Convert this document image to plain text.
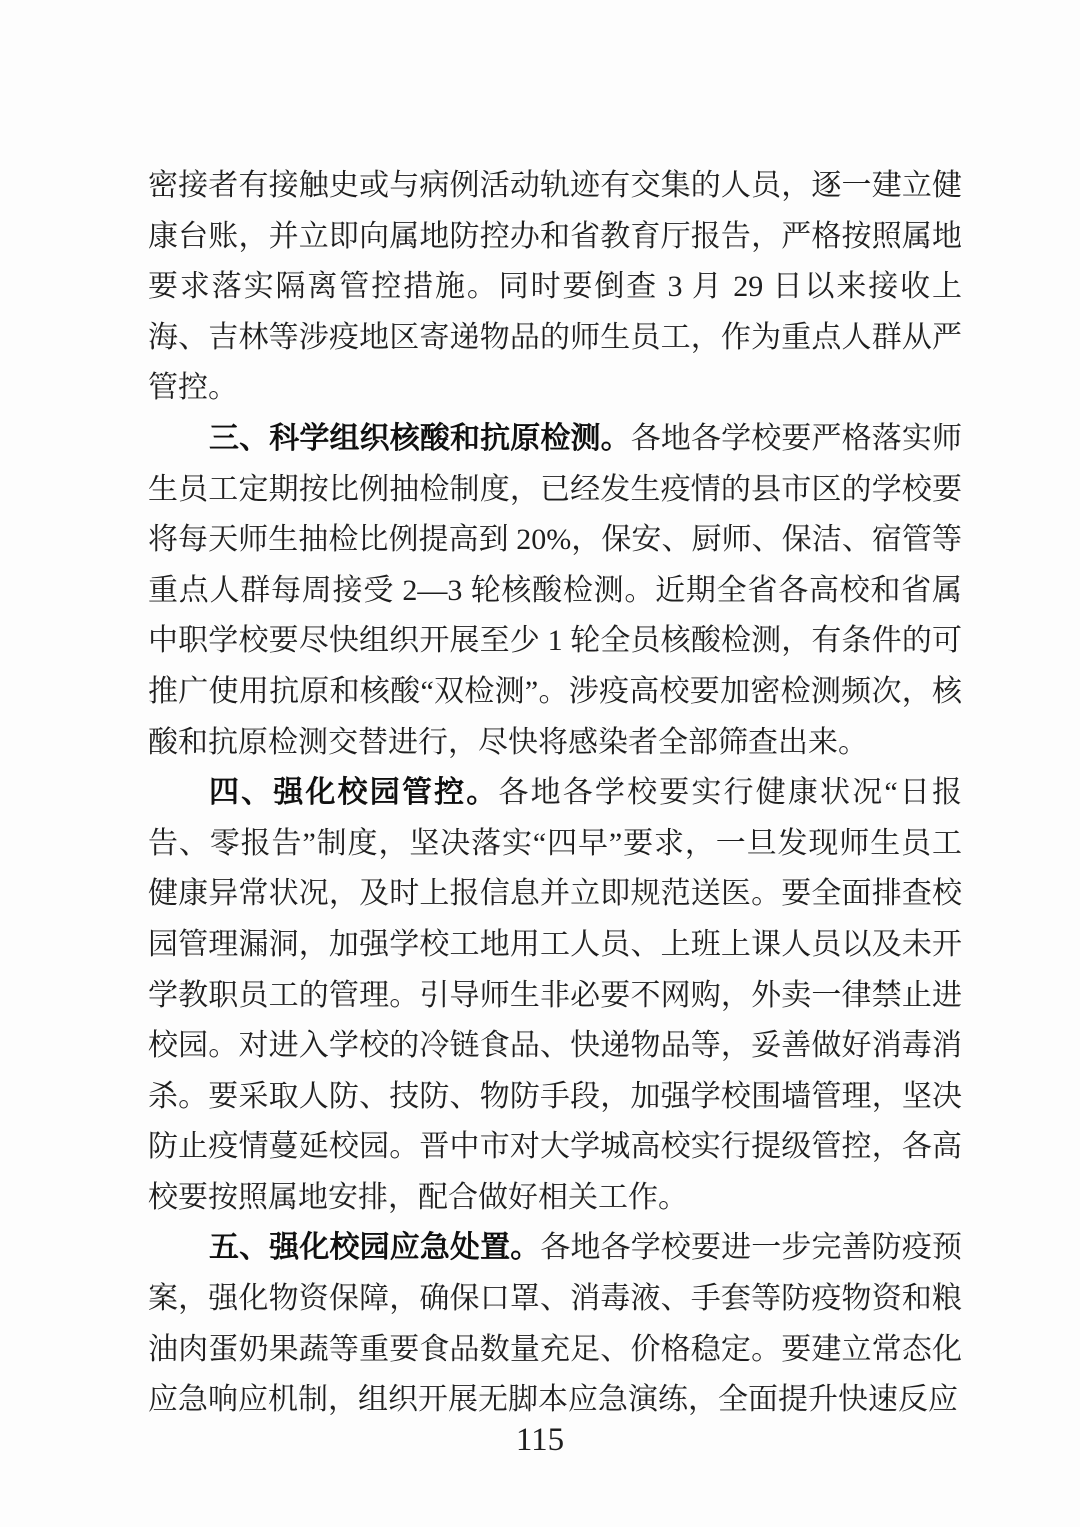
密接者有接触史或与病例活动轨迹有交集的人员，逐一建立健康台账，并立即向属地防控办和省教育厅报告，严格按照属地要求落实隔离管控措施。同时要倒查 3 月 29 日以来接收上海、吉林等涉疫地区寄递物品的师生员工，作为重点人群从严管控。

三、科学组织核酸和抗原检测。各地各学校要严格落实师生员工定期按比例抽检制度，已经发生疫情的县市区的学校要将每天师生抽检比例提高到 20%，保安、厨师、保洁、宿管等重点人群每周接受 2—3 轮核酸检测。近期全省各高校和省属中职学校要尽快组织开展至少 1 轮全员核酸检测，有条件的可推广使用抗原和核酸“双检测”。涉疫高校要加密检测频次，核酸和抗原检测交替进行，尽快将感染者全部筛查出来。

四、强化校园管控。各地各学校要实行健康状况“日报告、零报告”制度，坚决落实“四早”要求，一旦发现师生员工健康异常状况，及时上报信息并立即规范送医。要全面排查校园管理漏洞，加强学校工地用工人员、上班上课人员以及未开学教职员工的管理。引导师生非必要不网购，外卖一律禁止进校园。对进入学校的冷链食品、快递物品等，妥善做好消毒消杀。要采取人防、技防、物防手段，加强学校围墙管理，坚决防止疫情蔓延校园。晋中市对大学城高校实行提级管控，各高校要按照属地安排，配合做好相关工作。

五、强化校园应急处置。各地各学校要进一步完善防疫预案，强化物资保障，确保口罩、消毒液、手套等防疫物资和粮油肉蛋奶果蔬等重要食品数量充足、价格稳定。要建立常态化应急响应机制，组织开展无脚本应急演练，全面提升快速反应

115
